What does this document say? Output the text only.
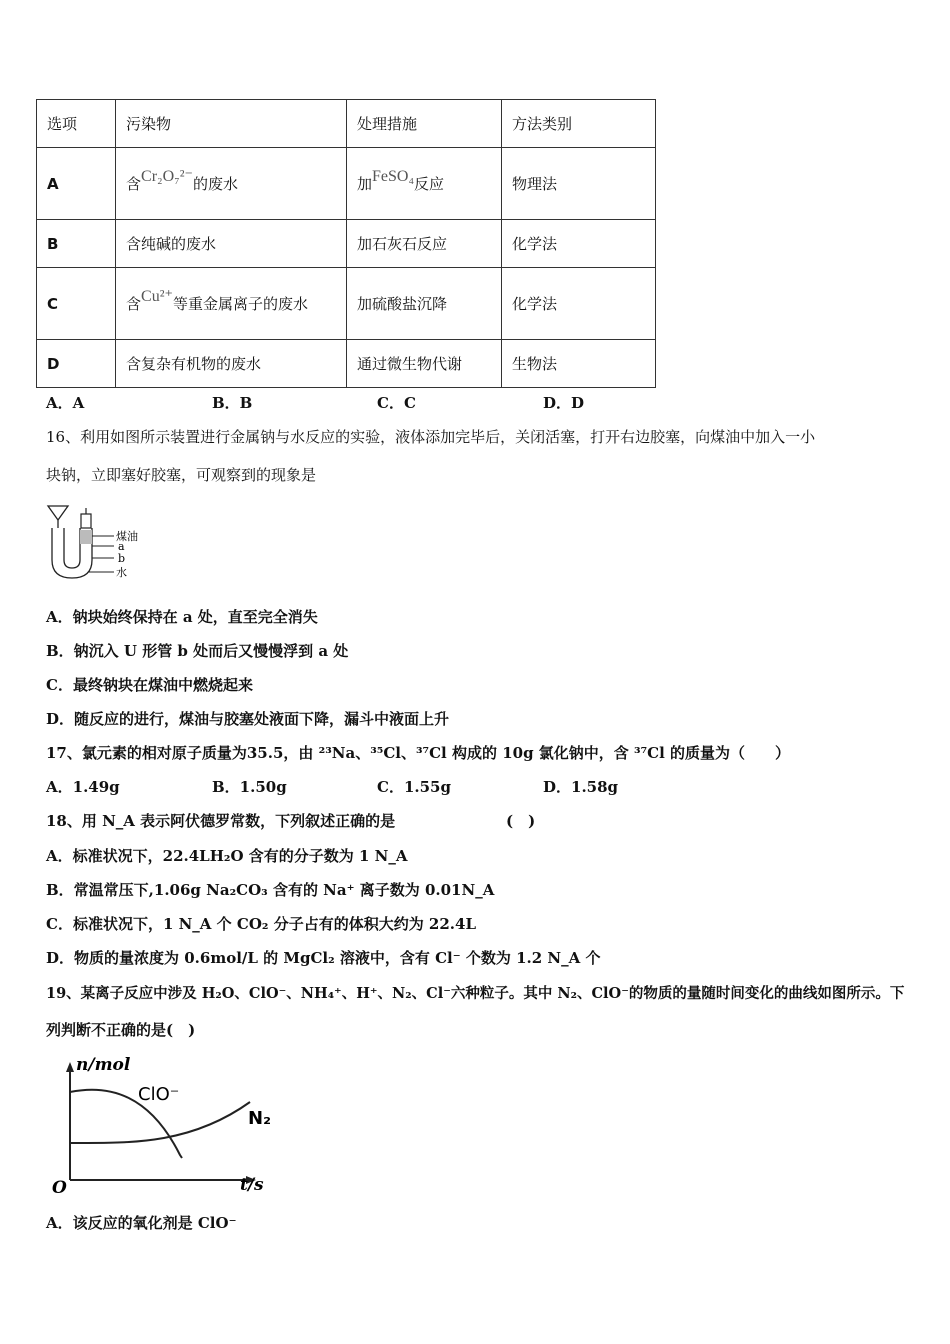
选项	污染物	处理措施	方法类别
A	含Cr₂O₇²⁻的废水	加FeSO₄反应	物理法
B	含纯碱的废水	加石灰石反应	化学法
C	含Cu²⁺等重金属离子的废水	加硫酸盐沉降	化学法
D	含复杂有机物的废水	通过微生物代谢	生物法
A．A	B．B	C．C	D．D
16、利用如图所示装置进行金属钠与水反应的实验，液体添加完毕后，关闭活塞，打开右边胶塞，向煤油中加入一小
块钠，立即塞好胶塞，可观察到的现象是
煤油
a
b
水
A．钠块始终保持在 a 处，直至完全消失
B．钠沉入 U 形管 b 处而后又慢慢浮到 a 处
C．最终钠块在煤油中燃烧起来
D．随反应的进行，煤油与胶塞处液面下降，漏斗中液面上升
17、氯元素的相对原子质量为35.5，由 ²³Na、³⁵Cl、³⁷Cl 构成的 10g 氯化钠中，含 ³⁷Cl 的质量为（　　）
A．1.49g	B．1.50g	C．1.55g	D．1.58g
18、用 N_A 表示阿伏德罗常数，下列叙述正确的是	(　)
A．标准状况下，22.4LH₂O 含有的分子数为 1 N_A
B．常温常压下,1.06g Na₂CO₃ 含有的 Na⁺ 离子数为 0.01N_A
C．标准状况下，1 N_A 个 CO₂ 分子占有的体积大约为 22.4L
D．物质的量浓度为 0.6mol/L 的 MgCl₂ 溶液中，含有 Cl⁻ 个数为 1.2 N_A 个
19、某离子反应中涉及 H₂O、ClO⁻、NH₄⁺、H⁺、N₂、Cl⁻六种粒子。其中 N₂、ClO⁻的物质的量随时间变化的曲线如图所示。下
列判断不正确的是(　)
n/mol
ClO⁻
N₂
t/s
O
A．该反应的氧化剂是 ClO⁻
